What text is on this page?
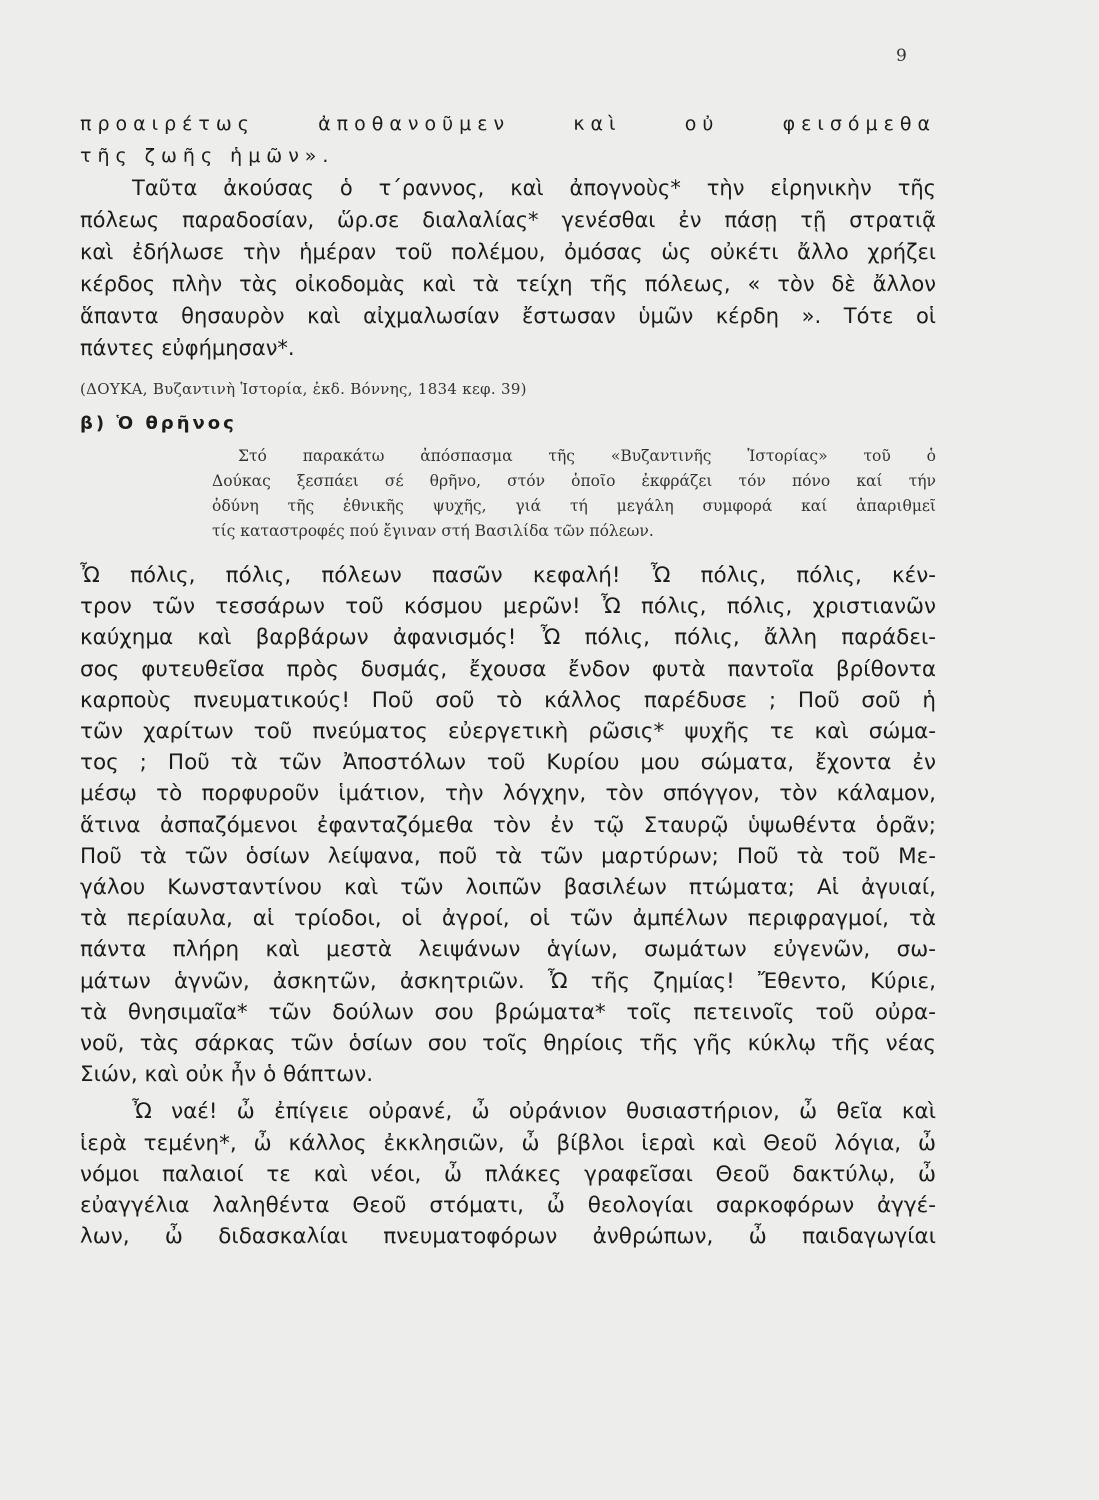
9
προαιρέτως ἀποθανοῦμεν καὶ οὐ φεισόμεθα
τῆς ζωῆς ἡμῶν».
Ταῦτα ἀκούσας ὁ τ΄ραννος, καὶ ἀπογνοὺς* τὴν εἰρηνικὴν τῆς
πόλεως παραδοσίαν, ὥρ.σε διαλαλίας* γενέσθαι ἐν πάσῃ τῇ στρατιᾷ
καὶ ἐδήλωσε τὴν ἡμέραν τοῦ πολέμου, ὀμόσας ὡς οὐκέτι ἄλλο χρήζει
κέρδος πλὴν τὰς οἰκοδομὰς καὶ τὰ τείχη τῆς πόλεως, « τὸν δὲ ἄλλον
ἅπαντα θησαυρὸν καὶ αἰχμαλωσίαν ἔστωσαν ὑμῶν κέρδη ». Τότε οἱ
πάντες εὐφήμησαν*.
(ΔΟΥΚΑ, Βυζαντινὴ Ἱστορία, ἐκδ. Βόννης, 1834 κεφ. 39)
β) Ὁ θρῆνος
Στό παρακάτω ἀπόσπασμα τῆς «Βυζαντινῆς Ἱστορίας» τοῦ ὁ
Δούκας ξεσπάει σέ θρῆνο, στόν ὁποῖο ἐκφράζει τόν πόνο καί τήν
ὀδύνη τῆς ἐθνικῆς ψυχῆς, γιά τή μεγάλη συμφορά καί ἀπαριθμεῖ
τίς καταστροφές πού ἔγιναν στή Βασιλίδα τῶν πόλεων.
Ὦ πόλις, πόλις, πόλεων πασῶν κεφαλή! Ὦ πόλις, πόλις, κέν-
τρον τῶν τεσσάρων τοῦ κόσμου μερῶν! Ὦ πόλις, πόλις, χριστιανῶν
καύχημα καὶ βαρβάρων ἀφανισμός! Ὦ πόλις, πόλις, ἄλλη παράδει-
σος φυτευθεῖσα πρὸς δυσμάς, ἔχουσα ἔνδον φυτὰ παντοῖα βρίθοντα
καρποὺς πνευματικούς! Ποῦ σοῦ τὸ κάλλος παρέδυσε ; Ποῦ σοῦ ἡ
τῶν χαρίτων τοῦ πνεύματος εὐεργετικὴ ρῶσις* ψυχῆς τε καὶ σώμα-
τος ; Ποῦ τὰ τῶν Ἀποστόλων τοῦ Κυρίου μου σώματα, ἔχοντα ἐν
μέσῳ τὸ πορφυροῦν ἱμάτιον, τὴν λόγχην, τὸν σπόγγον, τὸν κάλαμον,
ἅτινα ἀσπαζόμενοι ἐφανταζόμεθα τὸν ἐν τῷ Σταυρῷ ὑψωθέντα ὁρᾶν;
Ποῦ τὰ τῶν ὁσίων λείψανα, ποῦ τὰ τῶν μαρτύρων; Ποῦ τὰ τοῦ Με-
γάλου Κωνσταντίνου καὶ τῶν λοιπῶν βασιλέων πτώματα; Αἱ ἀγυιαί,
τὰ περίαυλα, αἱ τρίοδοι, οἱ ἀγροί, οἱ τῶν ἀμπέλων περιφραγμοί, τὰ
πάντα πλήρη καὶ μεστὰ λειψάνων ἁγίων, σωμάτων εὐγενῶν, σω-
μάτων ἁγνῶν, ἀσκητῶν, ἀσκητριῶν. Ὦ τῆς ζημίας! Ἔθεντο, Κύριε,
τὰ θνησιμαῖα* τῶν δούλων σου βρώματα* τοῖς πετεινοῖς τοῦ οὐρα-
νοῦ, τὰς σάρκας τῶν ὁσίων σου τοῖς θηρίοις τῆς γῆς κύκλῳ τῆς νέας
Σιών, καὶ οὐκ ἦν ὁ θάπτων.
Ὦ ναέ! ὦ ἐπίγειε οὐρανέ, ὦ οὐράνιον θυσιαστήριον, ὦ θεῖα καὶ
ἱερὰ τεμένη*, ὦ κάλλος ἐκκλησιῶν, ὦ βίβλοι ἱεραὶ καὶ Θεοῦ λόγια, ὦ
νόμοι παλαιοί τε καὶ νέοι, ὦ πλάκες γραφεῖσαι Θεοῦ δακτύλῳ, ὦ
εὐαγγέλια λαληθέντα Θεοῦ στόματι, ὦ θεολογίαι σαρκοφόρων ἀγγέ-
λων, ὦ διδασκαλίαι πνευματοφόρων ἀνθρώπων, ὦ παιδαγωγίαι
